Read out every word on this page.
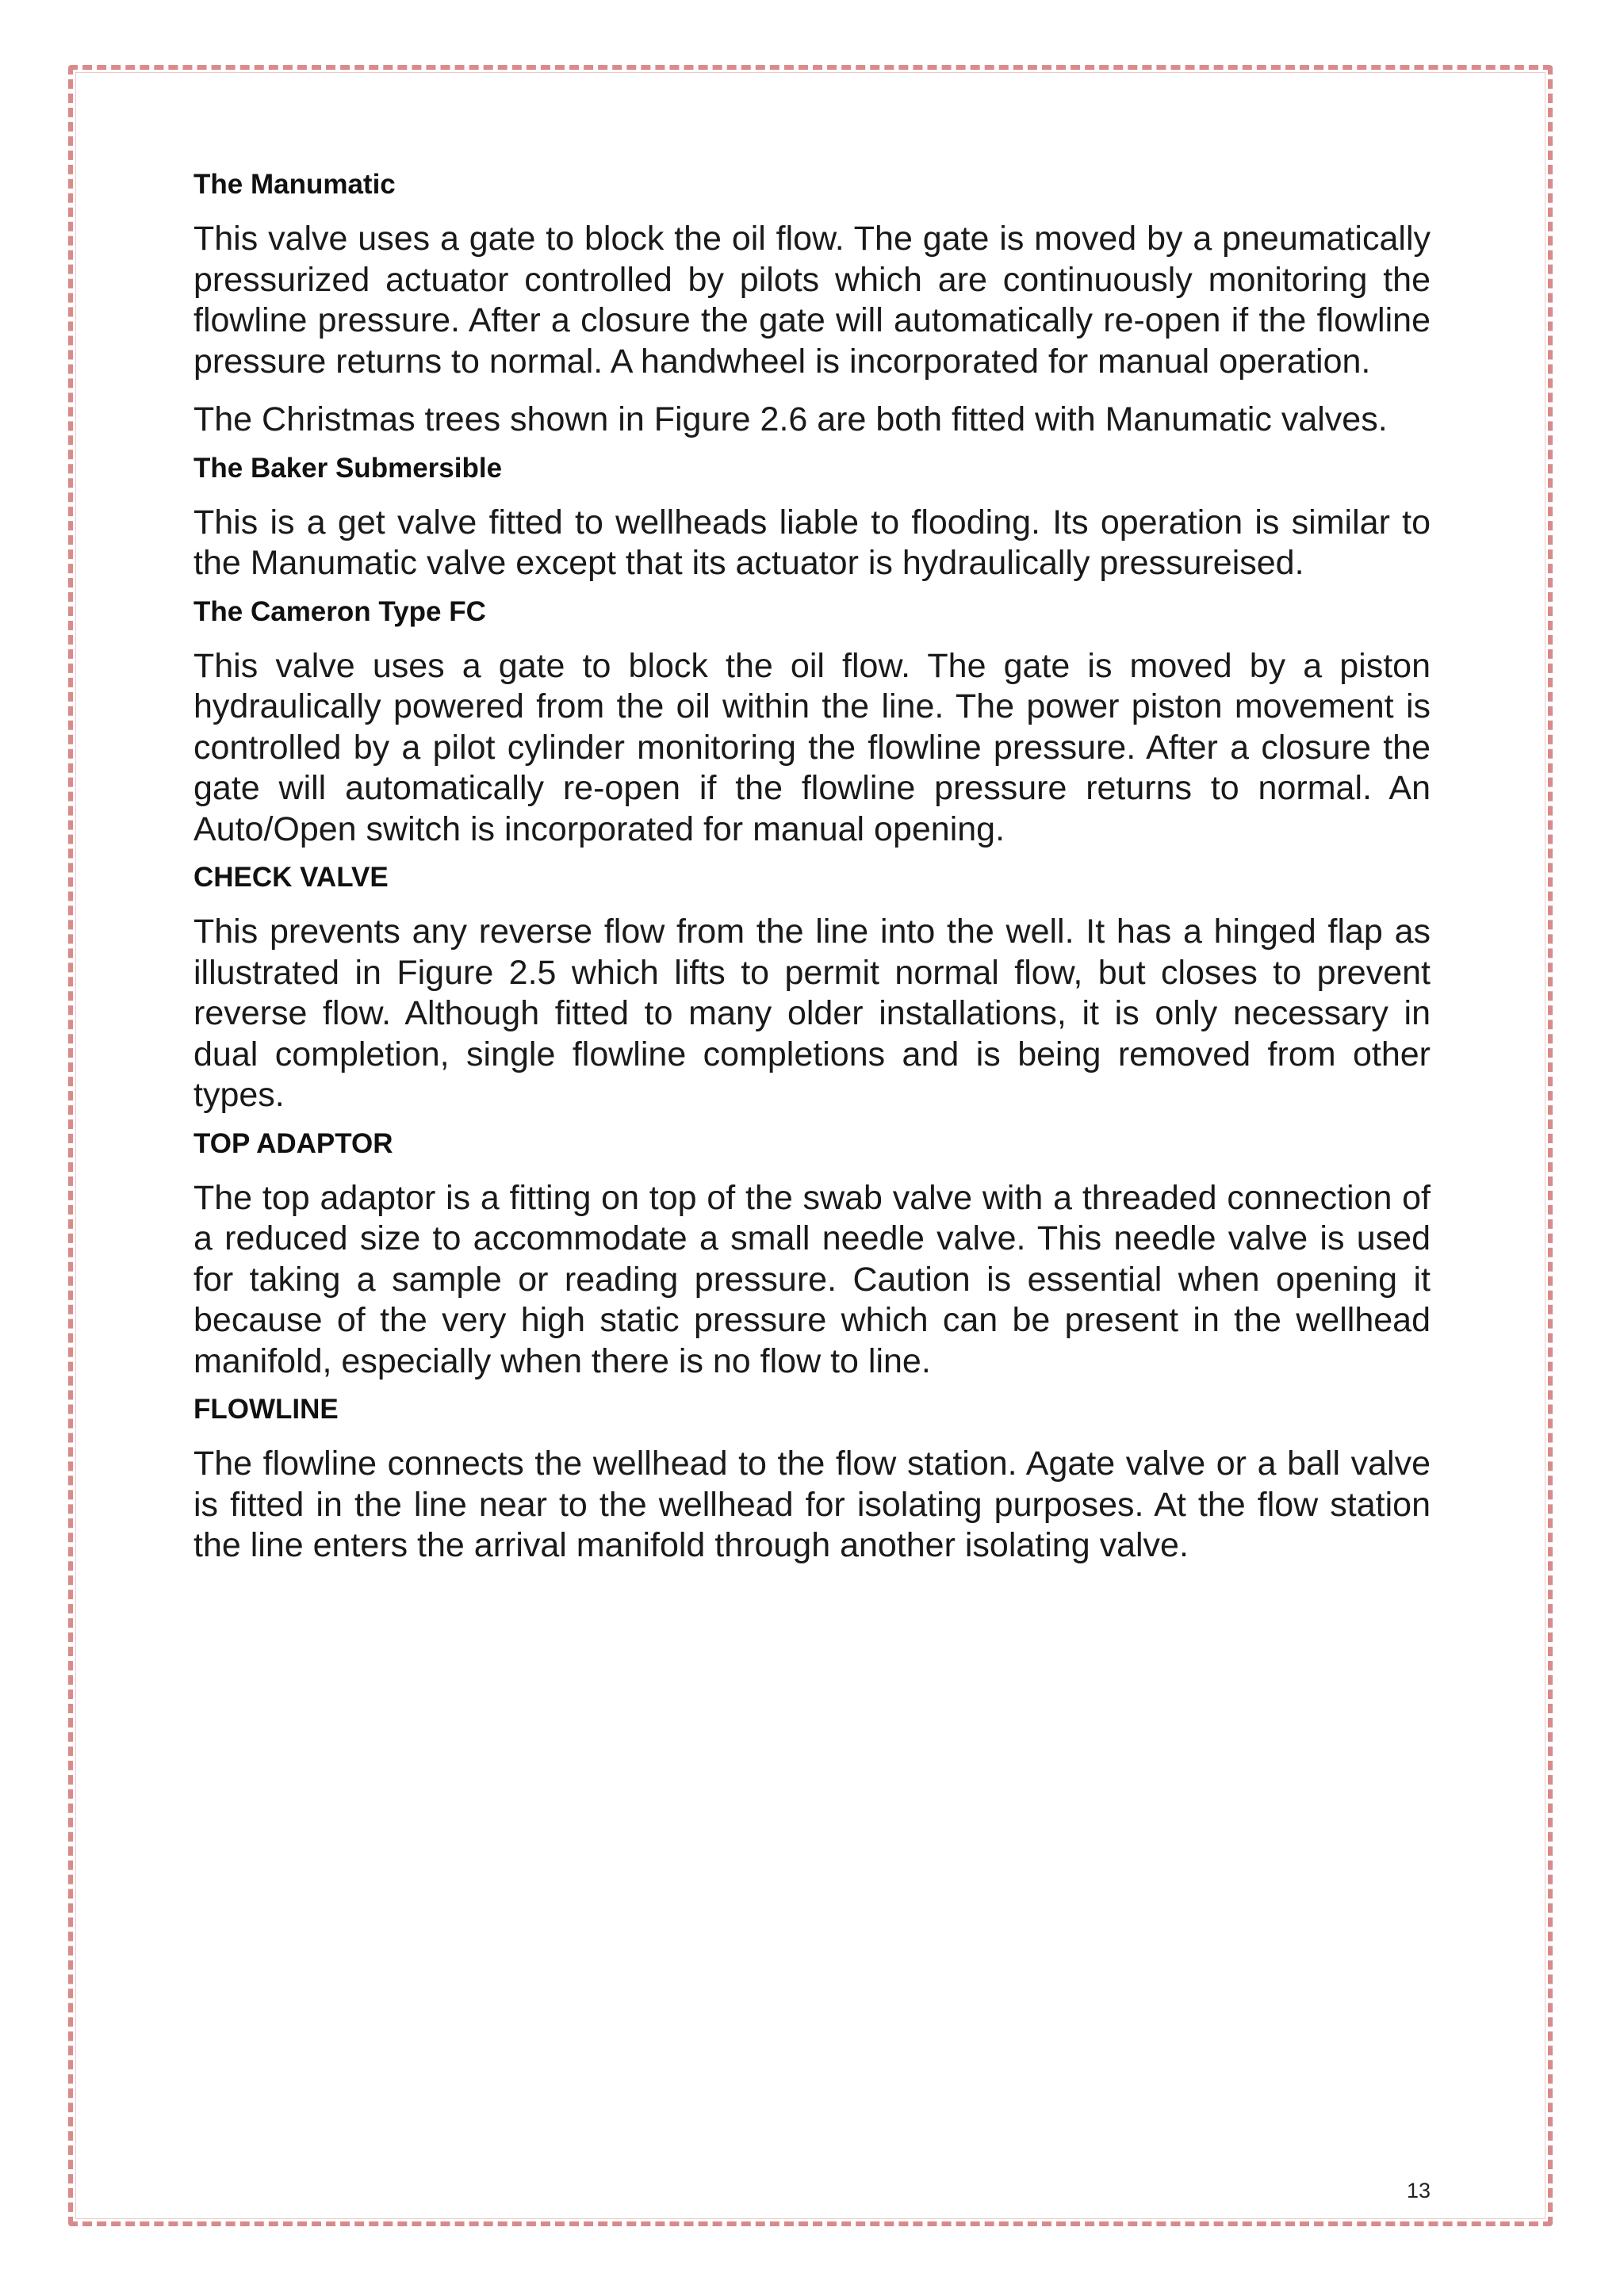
The Manumatic

This valve uses a gate to block the oil flow. The gate is moved by a pneumatically pressurized actuator controlled by pilots which are continuously monitoring the flowline pressure. After a closure the gate will automatically re-open if the flowline pressure returns to normal. A handwheel is incorporated for manual operation.

The Christmas trees shown in Figure 2.6 are both fitted with Manumatic valves.

The Baker Submersible

This is a get valve fitted to wellheads liable to flooding. Its operation is similar to the Manumatic valve except that its actuator is hydraulically pressureised.

The Cameron Type FC

This valve uses a gate to block the oil flow. The gate is moved by a piston hydraulically powered from the oil within the line. The power piston movement is controlled by a pilot cylinder monitoring the flowline pressure. After a closure the gate will automatically re-open if the flowline pressure returns to normal. An Auto/Open switch is incorporated for manual opening.

CHECK VALVE

This prevents any reverse flow from the line into the well. It has a hinged flap as illustrated in Figure 2.5 which lifts to permit normal flow, but closes to prevent reverse flow. Although fitted to many older installations, it is only necessary in dual completion, single flowline completions and is being removed from other types.

TOP ADAPTOR

The top adaptor is a fitting on top of the swab valve with a threaded connection of a reduced size to accommodate a small needle valve. This needle valve is used for taking a sample or reading pressure. Caution is essential when opening it because of the very high static pressure which can be present in the wellhead manifold, especially when there is no flow to line.

FLOWLINE

The flowline connects the wellhead to the flow station. Agate valve or a ball valve is fitted in the line near to the wellhead for isolating purposes. At the flow station the line enters the arrival manifold through another isolating valve.

13
